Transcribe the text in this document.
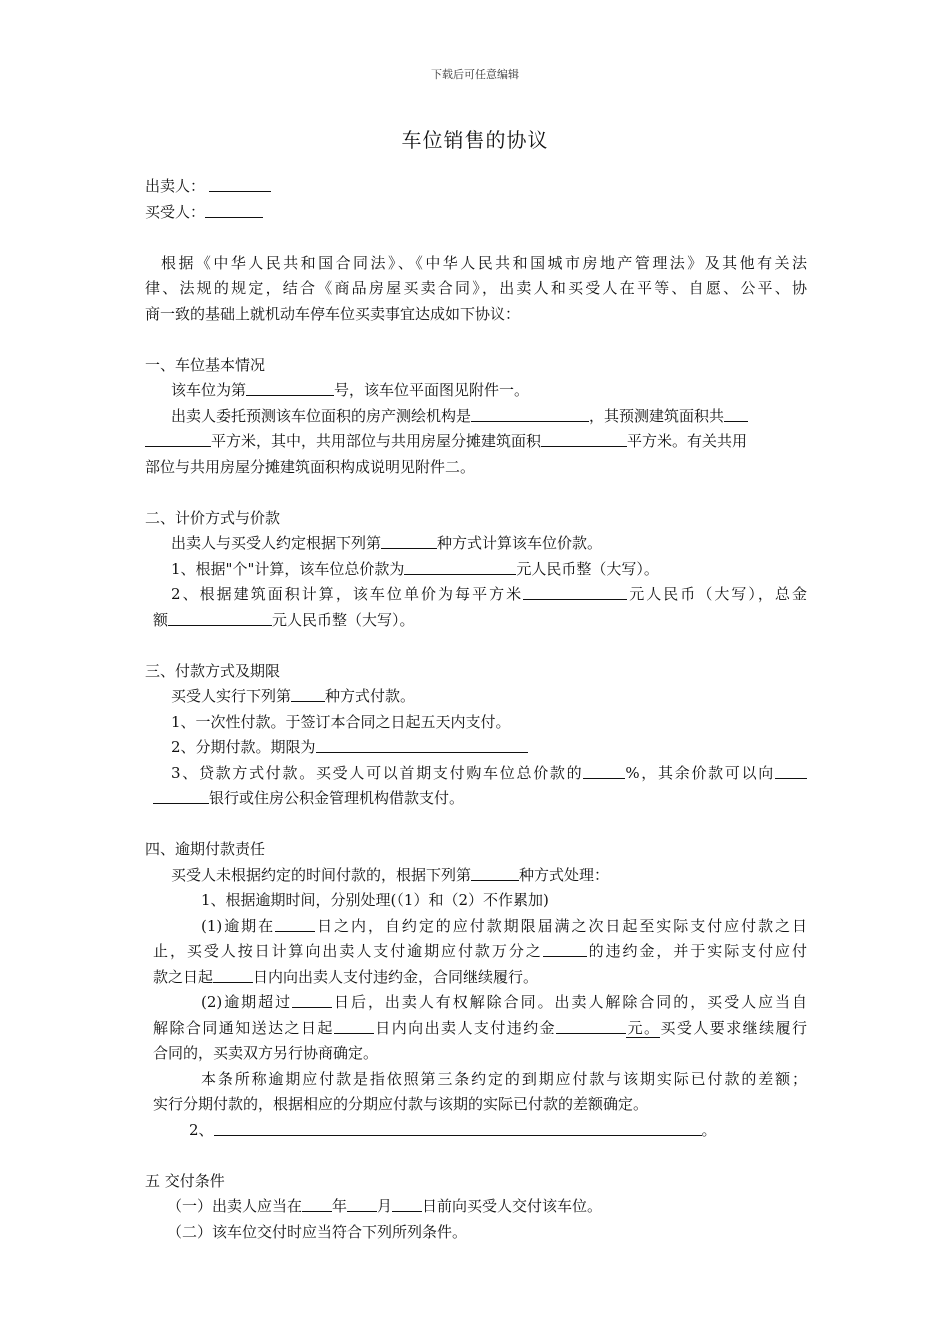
下载后可任意编辑
车位销售的协议
出卖人：
买受人：
根据《中华人民共和国合同法》、《中华人民共和国城市房地产管理法》及其他有关法
律、法规的规定，结合《商品房屋买卖合同》，出卖人和买受人在平等、自愿、公平、协
商一致的基础上就机动车停车位买卖事宜达成如下协议：
一、车位基本情况
该车位为第	号，该车位平面图见附件一。
出卖人委托预测该车位面积的房产测绘机构是	，其预测建筑面积共
平方米，其中，共用部位与共用房屋分摊建筑面积	平方米。有关共用
部位与共用房屋分摊建筑面积构成说明见附件二。
二、计价方式与价款
出卖人与买受人约定根据下列第	种方式计算该车位价款。
1、根据"个"计算，该车位总价款为	元人民币整（大写）。
2、根据建筑面积计算，该车位单价为每平方米	元人民币（大写），总金
额	元人民币整（大写）。
三、付款方式及期限
买受人实行下列第 种方式付款。
1、一次性付款。于签订本合同之日起五天内支付。
2、分期付款。期限为
3、贷款方式付款。买受人可以首期支付购车位总价款的	%，其余价款可以向
银行或住房公积金管理机构借款支付。
四、逾期付款责任
买受人未根据约定的时间付款的，根据下列第	种方式处理：
1、根据逾期时间，分别处理(（1）和（2）不作累加)
(1)逾期在	日之内，自约定的应付款期限届满之次日起至实际支付应付款之日
止，买受人按日计算向出卖人支付逾期应付款万分之	的违约金，并于实际支付应付
款之日起	日内向出卖人支付违约金，合同继续履行。
(2)逾期超过	日后，出卖人有权解除合同。出卖人解除合同的，买受人应当自
解除合同通知送达之日起	日内向出卖人支付违约金	元。买受人要求继续履行
合同的，买卖双方另行协商确定。
本条所称逾期应付款是指依照第三条约定的到期应付款与该期实际已付款的差额；
实行分期付款的，根据相应的分期应付款与该期的实际已付款的差额确定。
2、	。
五 交付条件
（一）出卖人应当在 年 月 日前向买受人交付该车位。
（二）该车位交付时应当符合下列所列条件。
